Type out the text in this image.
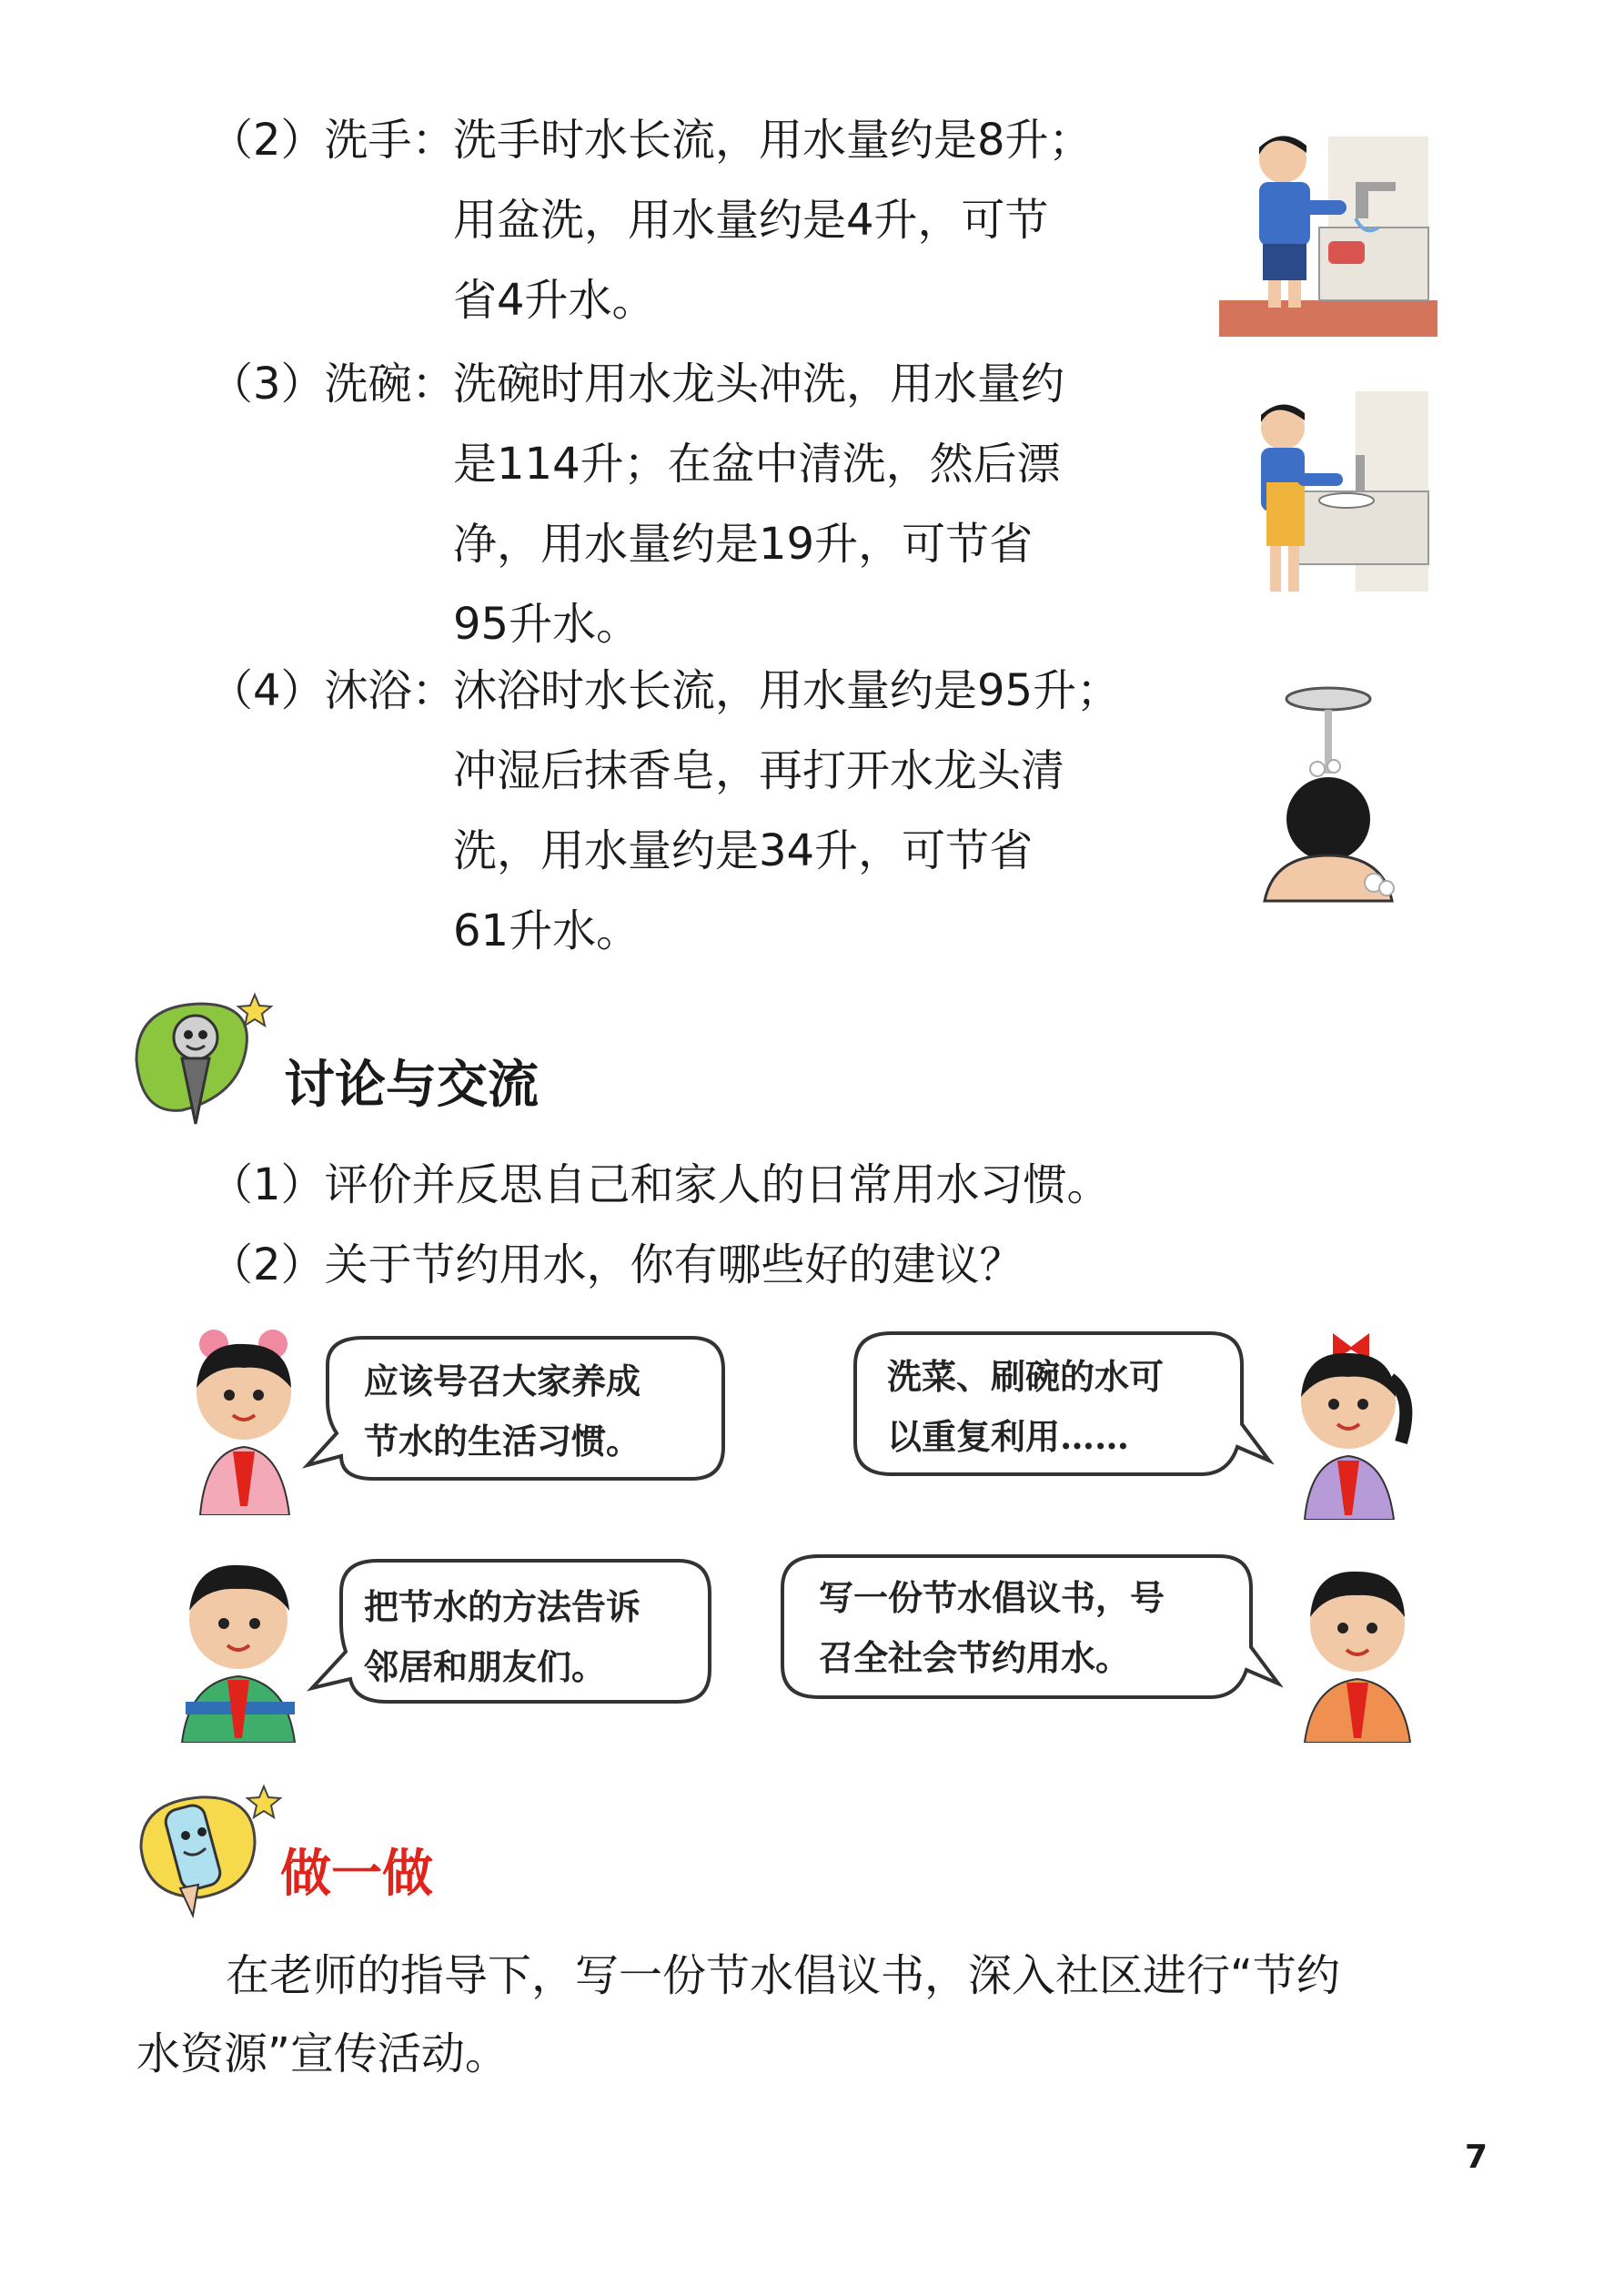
（2）洗手：
洗手时水长流，用水量约是8升；
用盆洗，用水量约是4升，可节
省4升水。
（3）洗碗：
洗碗时用水龙头冲洗，用水量约
是114升；在盆中清洗，然后漂
净，用水量约是19升，可节省
95升水。
（4）沐浴：
沐浴时水长流，用水量约是95升；
冲湿后抹香皂，再打开水龙头清
洗，用水量约是34升，可节省
61升水。
讨论与交流
（1）评价并反思自己和家人的日常用水习惯。
（2）关于节约用水，你有哪些好的建议？
应该号召大家养成
节水的生活习惯。
洗菜、刷碗的水可
以重复利用……
把节水的方法告诉
邻居和朋友们。
写一份节水倡议书，号
召全社会节约用水。
做一做
在老师的指导下，写一份节水倡议书，深入社区进行“节约
水资源”宣传活动。
7
